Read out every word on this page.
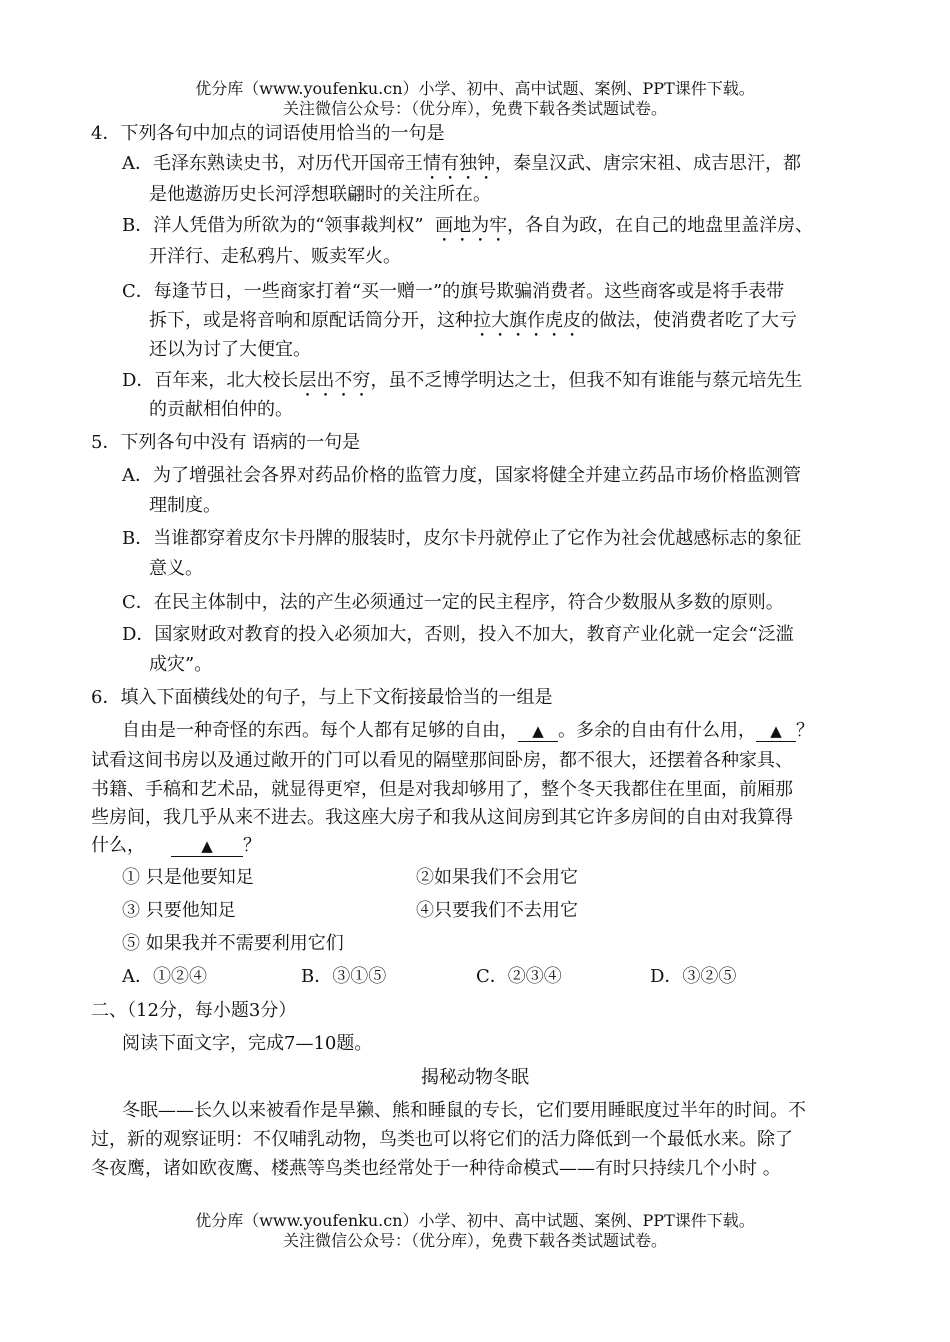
优分库（www.youfenku.cn）小学、初中、高中试题、案例、PPT课件下载。
关注微信公众号：（优分库），免费下载各类试题试卷。
4．下列各句中加点的词语使用恰当的一句是
A．毛泽东熟读史书，对历代开国帝王情有独钟，秦皇汉武、唐宗宋祖、成吉思汗，都
是他遨游历史长河浮想联翩时的关注所在。
B．洋人凭借为所欲为的“领事裁判权”  画地为牢，各自为政，在自己的地盘里盖洋房、
开洋行、走私鸦片、贩卖军火。
C．每逢节日，一些商家打着“买一赠一”的旗号欺骗消费者。这些商客或是将手表带
拆下，或是将音响和原配话筒分开，这种拉大旗作虎皮的做法，使消费者吃了大亏
还以为讨了大便宜。
D．百年来，北大校长层出不穷，虽不乏博学明达之士，但我不知有谁能与蔡元培先生
的贡献相伯仲的。
5．下列各句中没有 语病的一句是
A．为了增强社会各界对药品价格的监管力度，国家将健全并建立药品市场价格监测管
理制度。
B．当谁都穿着皮尔卡丹牌的服装时，皮尔卡丹就停止了它作为社会优越感标志的象征
意义。
C．在民主体制中，法的产生必须通过一定的民主程序，符合少数服从多数的原则。
D．国家财政对教育的投入必须加大，否则，投入不加大，教育产业化就一定会“泛滥
成灾”。
6．填入下面横线处的句子，与上下文衔接最恰当的一组是
自由是一种奇怪的东西。每个人都有足够的自由， ▲ 。多余的自由有什么用， ▲ ？
试看这间书房以及通过敞开的门可以看见的隔壁那间卧房，都不很大，还摆着各种家具、
书籍、手稿和艺术品，就显得更窄，但是对我却够用了，整个冬天我都住在里面，前厢那
些房间，我几乎从来不进去。我这座大房子和我从这间房到其它许多房间的自由对我算得
什么，	▲ ？
① 只是他要知足	②如果我们不会用它
③ 只要他知足	④只要我们不去用它
⑤ 如果我并不需要利用它们
A．①②④	B．③①⑤	C．②③④	D．③②⑤
二、（12分，每小题3分）
阅读下面文字，完成7—10题。
揭秘动物冬眠
冬眠——长久以来被看作是旱獭、熊和睡鼠的专长，它们要用睡眠度过半年的时间。不
过，新的观察证明：不仅哺乳动物，鸟类也可以将它们的活力降低到一个最低水来。除了
冬夜鹰，诸如欧夜鹰、楼燕等鸟类也经常处于一种待命模式——有时只持续几个小时 。
优分库（www.youfenku.cn）小学、初中、高中试题、案例、PPT课件下载。
关注微信公众号：（优分库），免费下载各类试题试卷。
